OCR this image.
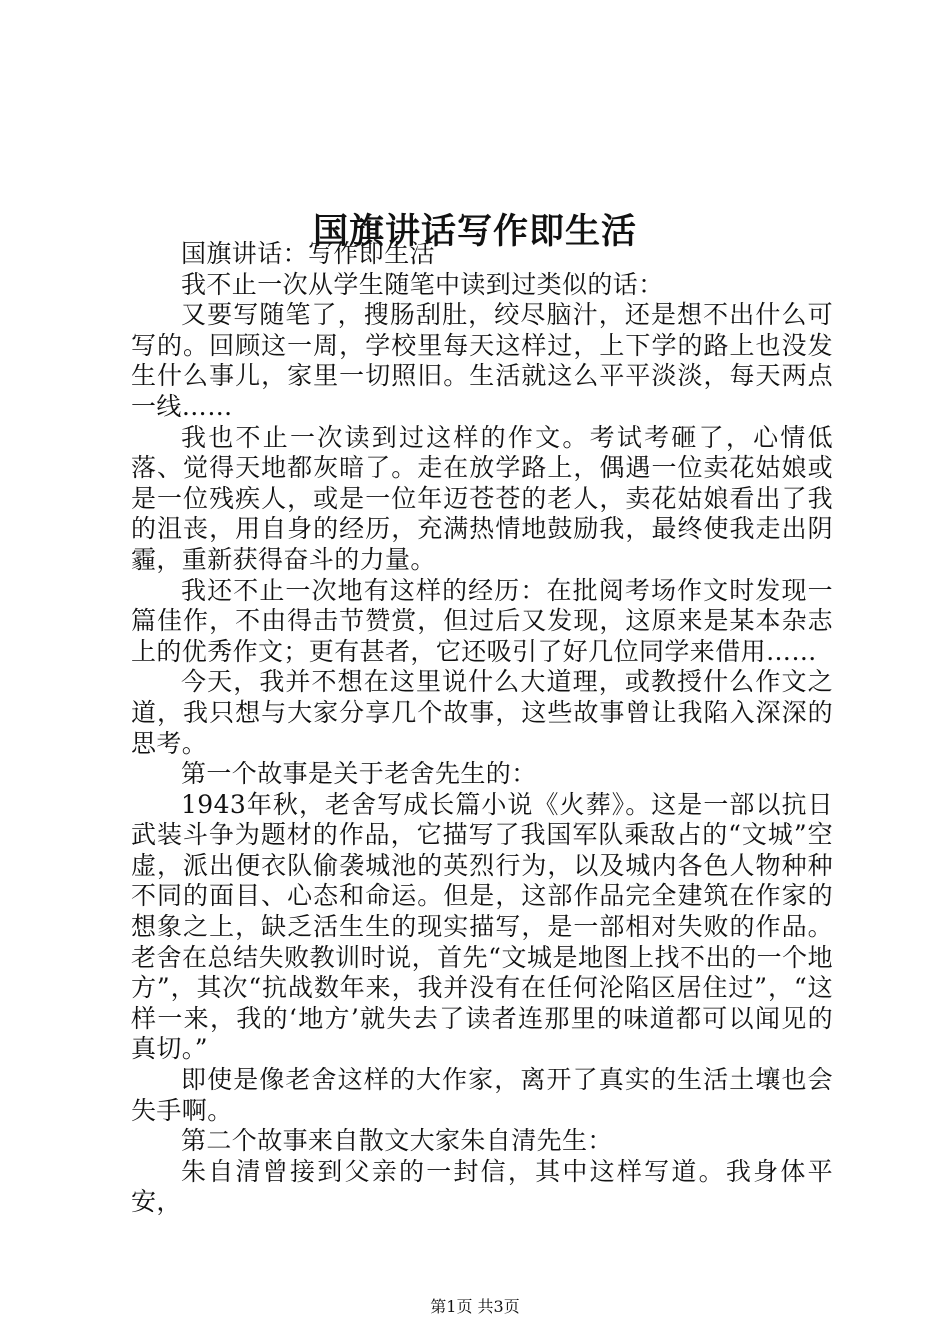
国旗讲话写作即生活

国旗讲话：写作即生活

我不止一次从学生随笔中读到过类似的话：

又要写随笔了，搜肠刮肚，绞尽脑汁，还是想不出什么可写的。回顾这一周，学校里每天这样过，上下学的路上也没发生什么事儿，家里一切照旧。生活就这么平平淡淡，每天两点一线……

我也不止一次读到过这样的作文。考试考砸了，心情低落、觉得天地都灰暗了。走在放学路上，偶遇一位卖花姑娘或是一位残疾人，或是一位年迈苍苍的老人，卖花姑娘看出了我的沮丧，用自身的经历，充满热情地鼓励我，最终使我走出阴霾，重新获得奋斗的力量。

我还不止一次地有这样的经历：在批阅考场作文时发现一篇佳作，不由得击节赞赏，但过后又发现，这原来是某本杂志上的优秀作文；更有甚者，它还吸引了好几位同学来借用……

今天，我并不想在这里说什么大道理，或教授什么作文之道，我只想与大家分享几个故事，这些故事曾让我陷入深深的思考。

第一个故事是关于老舍先生的：

1943年秋，老舍写成长篇小说《火葬》。这是一部以抗日武装斗争为题材的作品，它描写了我国军队乘敌占的“文城”空虚，派出便衣队偷袭城池的英烈行为，以及城内各色人物种种不同的面目、心态和命运。但是，这部作品完全建筑在作家的想象之上，缺乏活生生的现实描写，是一部相对失败的作品。老舍在总结失败教训时说，首先“文城是地图上找不出的一个地方”，其次“抗战数年来，我并没有在任何沦陷区居住过”，“这样一来，我的‘地方’就失去了读者连那里的味道都可以闻见的真切。”

即使是像老舍这样的大作家，离开了真实的生活土壤也会失手啊。

第二个故事来自散文大家朱自清先生：

朱自清曾接到父亲的一封信，其中这样写道。我身体平安，

第1页 共3页
